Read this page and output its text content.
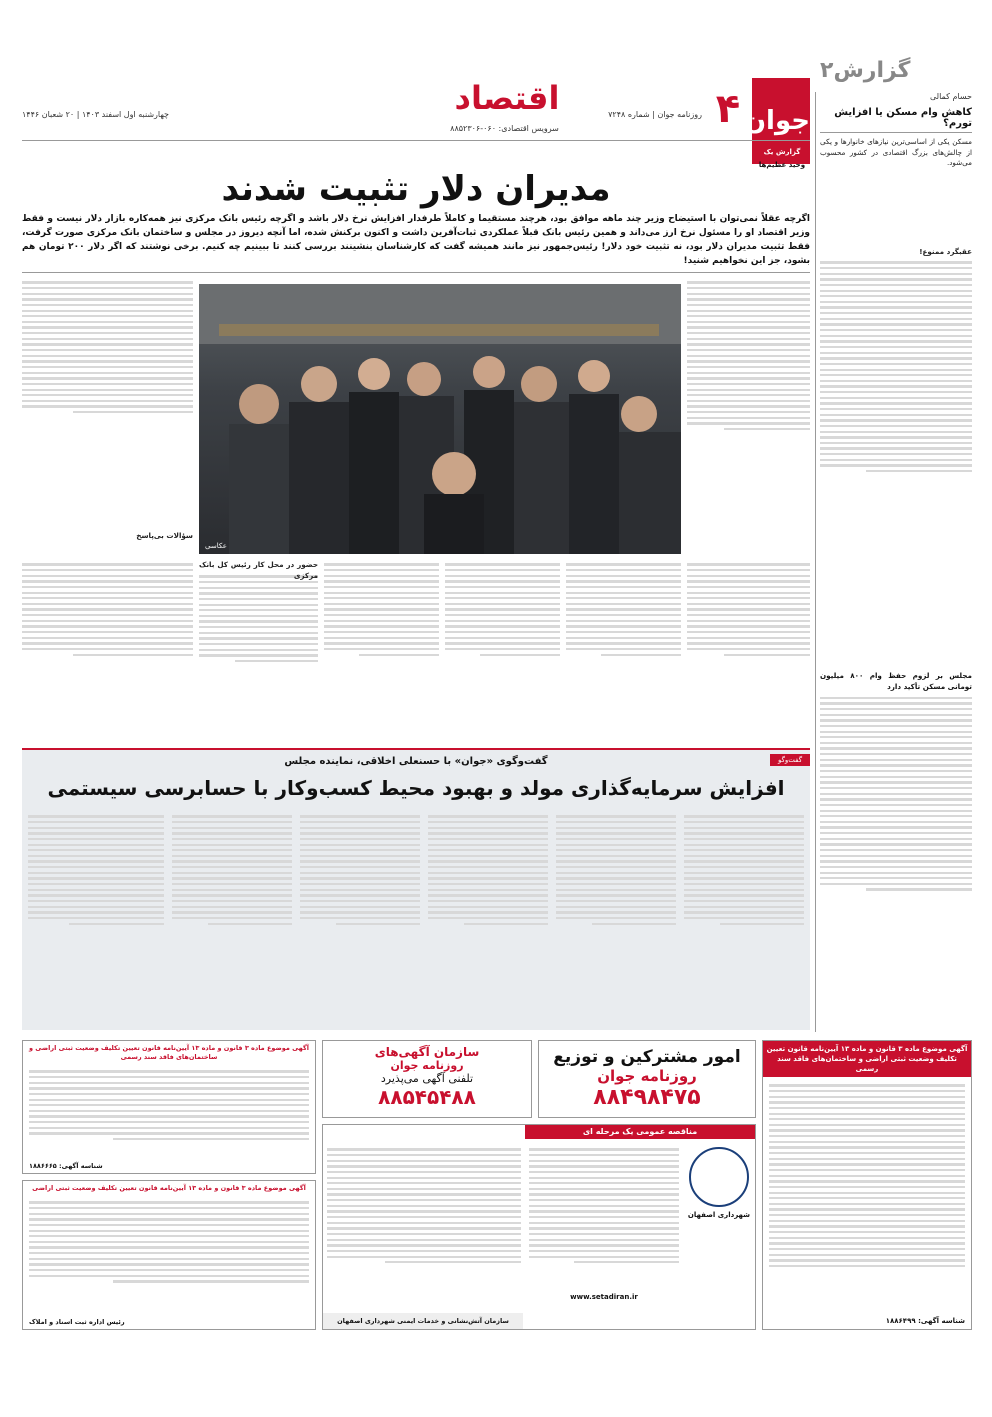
گزارش۲
جوان
۴
روزنامه جوان | شماره ۷۲۴۸
اقتصاد
سرویس اقتصادی: ۰۶۰-۸۸۵۲۳۰۶
چهارشنبه اول اسفند ۱۴۰۳ | ۲۰ شعبان ۱۴۴۶
گزارش یک
وحید عظیم‌ها
حسام کمالی
کاهش وام مسکن یا افزایش تورم؟
مسکن یکی از اساسی‌ترین نیازهای خانوارها و یکی از چالش‌های بزرگ اقتصادی در کشور محسوب می‌شود.
عقبگرد ممنوع!
مجلس بر لزوم حفظ وام ۸۰۰ میلیون تومانی مسکن تأکید دارد
مدیران دلار تثبیت شدند
اگرچه عقلاً نمی‌توان با استیضاح وزیر چند ماهه موافق بود، هرچند مستقیما و کاملاً طرفدار افزایش نرخ دلار باشد و اگرچه رئیس بانک مرکزی نیز همه‌کاره بازار دلار نیست و فقط وزیر اقتصاد او را مسئول نرخ ارز می‌داند و همین رئیس بانک قبلاً عملکردی ثبات‌آفرین داشت و اکنون برکنش شده، اما آنچه دیروز در مجلس و ساختمان بانک مرکزی صورت گرفت، فقط تثبیت مدیران دلار بود، نه تثبیت خود دلار! رئیس‌جمهور نیز مانند همیشه گفت که کارشناسان بنشینند بررسی کنند تا ببینیم چه کنیم. برخی نوشتند که اگر دلار ۲۰۰ تومان هم بشود، جز این نخواهیم شنید!
عکاسی
سؤالات بی‌پاسخ
حضور در محل کار رئیس کل بانک مرکزی
گفت‌وگو
گفت‌وگوی «جوان» با حسنعلی اخلاقی، نماینده مجلس
افزایش سرمایه‌گذاری مولد و بهبود محیط کسب‌وکار با حسابرسی سیستمی
آگهی موضوع ماده ۳ قانون و ماده ۱۳ آیین‌نامه قانون تعیین تکلیف وضعیت ثبتی اراضی و ساختمان‌های فاقد سند رسمی
شناسه آگهی: ۱۸۸۶۴۹۹
امور مشترکین و توزیع
روزنامه جوان
۸۸۴۹۸۴۷۵
سازمان آگهی‌های
روزنامه جوان
تلفنی آگهی می‌پذیرد
۸۸۵۴۵۴۸۸
مناقصه عمومی یک مرحله ای
شهرداری اصفهان
www.setadiran.ir
سازمان آتش‌نشانی و خدمات ایمنی شهرداری اصفهان
آگهی موضوع ماده ۳ قانون و ماده ۱۳ آیین‌نامه قانون تعیین تکلیف وضعیت ثبتی اراضی و ساختمان‌های فاقد سند رسمی
شناسه آگهی: ۱۸۸۶۶۶۵
آگهی موضوع ماده ۳ قانون و ماده ۱۳ آیین‌نامه قانون تعیین تکلیف وضعیت ثبتی اراضی
رئیس اداره ثبت اسناد و املاک
